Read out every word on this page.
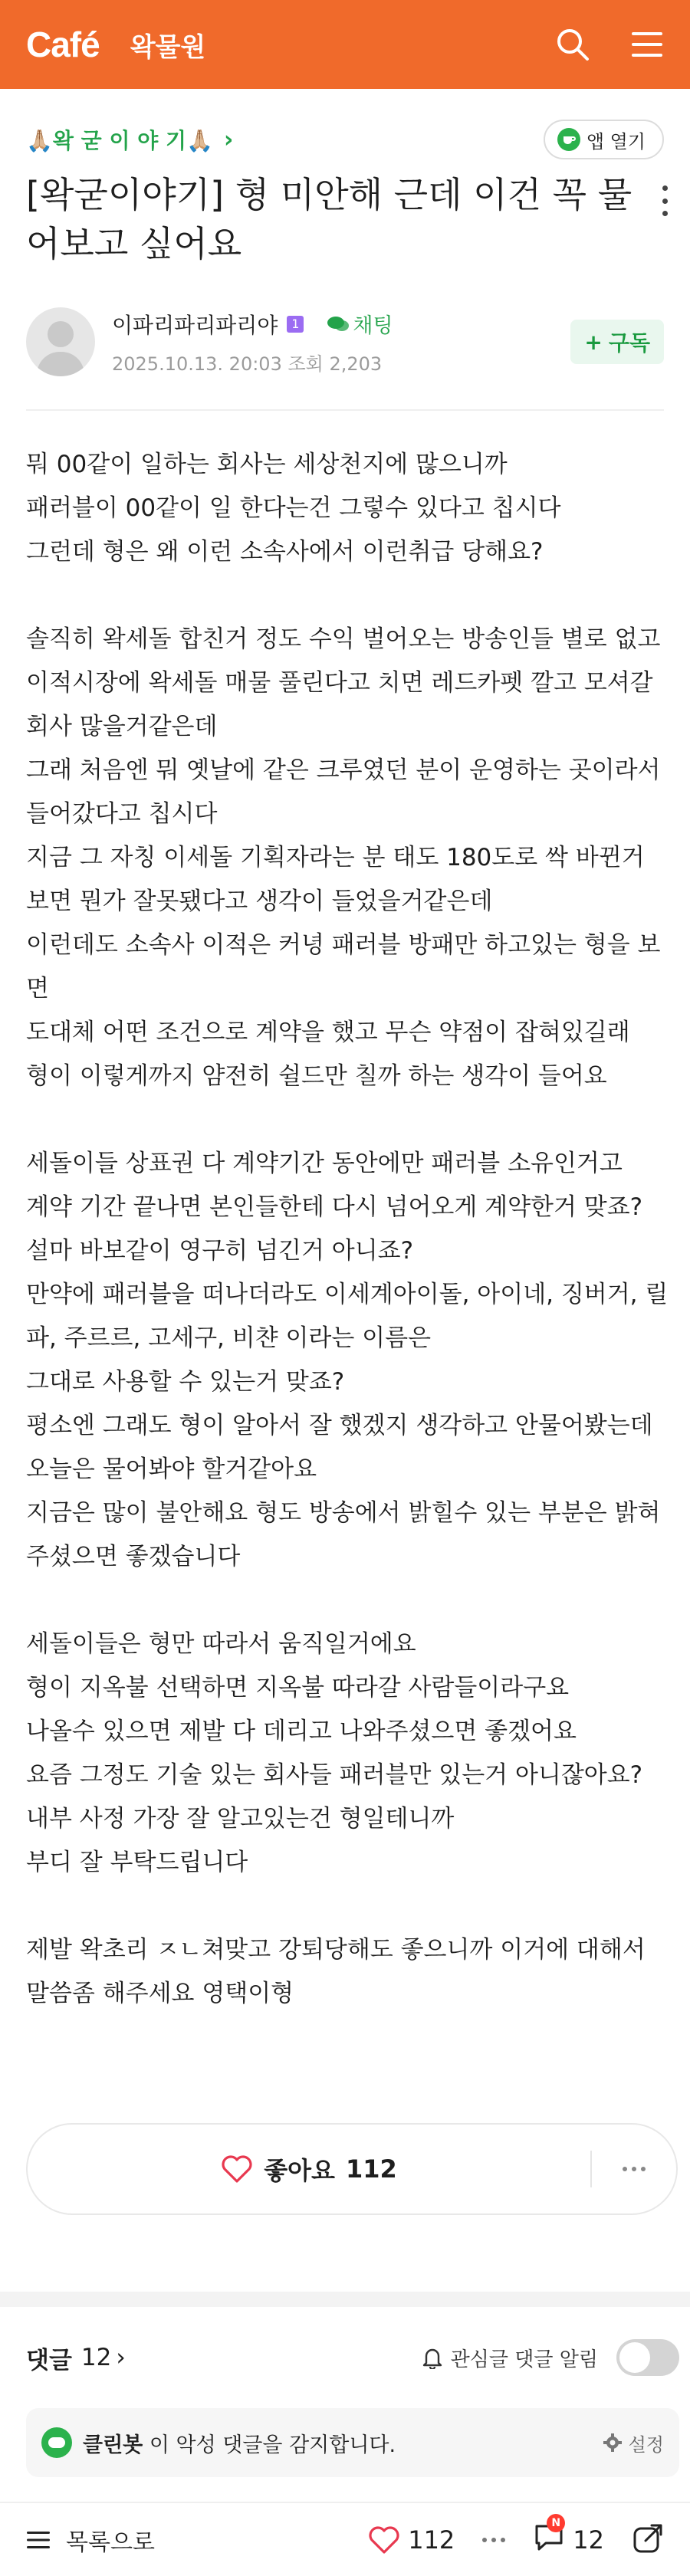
Café 왁물원
🙏🏼왁 굳 이 야 기🙏🏼 ›	앱 열기
[왁굳이야기] 형 미안해 근데 이건 꼭 물어보고 싶어요
이파리파리파리야	1	채팅
2025.10.13. 20:03 조회 2,203
+ 구독

뭐 00같이 일하는 회사는 세상천지에 많으니까

패러블이 00같이 일 한다는건 그렇수 있다고 칩시다

그런데 형은 왜 이런 소속사에서 이런취급 당해요?

솔직히 왁세돌 합친거 정도 수익 벌어오는 방송인들 별로 없고

이적시장에 왁세돌 매물 풀린다고 치면 레드카펫 깔고 모셔갈 회사 많을거같은데

그래 처음엔 뭐 옛날에 같은 크루였던 분이 운영하는 곳이라서 들어갔다고 칩시다

지금 그 자칭 이세돌 기획자라는 분 태도 180도로 싹 바뀐거 보면 뭔가 잘못됐다고 생각이 들었을거같은데

이런데도 소속사 이적은 커녕 패러블 방패만 하고있는 형을 보면

도대체 어떤 조건으로 계약을 했고 무슨 약점이 잡혀있길래

형이 이렇게까지 얌전히 쉴드만 칠까 하는 생각이 들어요

세돌이들 상표권 다 계약기간 동안에만 패러블 소유인거고

계약 기간 끝나면 본인들한테 다시 넘어오게 계약한거 맞죠?

설마 바보같이 영구히 넘긴거 아니죠?

만약에 패러블을 떠나더라도 이세계아이돌, 아이네, 징버거, 릴파, 주르르, 고세구, 비챤 이라는 이름은

그대로 사용할 수 있는거 맞죠?

평소엔 그래도 형이 알아서 잘 했겠지 생각하고 안물어봤는데

오늘은 물어봐야 할거같아요

지금은 많이 불안해요 형도 방송에서 밝힐수 있는 부분은 밝혀주셨으면 좋겠습니다

세돌이들은 형만 따라서 움직일거에요

형이 지옥불 선택하면 지옥불 따라갈 사람들이라구요

나올수 있으면 제발 다 데리고 나와주셨으면 좋겠어요

요즘 그정도 기술 있는 회사들 패러블만 있는거 아니잖아요?

내부 사정 가장 잘 알고있는건 형일테니까

부디 잘 부탁드립니다

제발 왁초리 ㅈㄴ쳐맞고 강퇴당해도 좋으니까 이거에 대해서 말씀좀 해주세요 영택이형

좋아요 112
댓글 12 ›	관심글 댓글 알림
클린봇 이 악성 댓글을 감지합니다.	설정
목록으로	112
N
12
